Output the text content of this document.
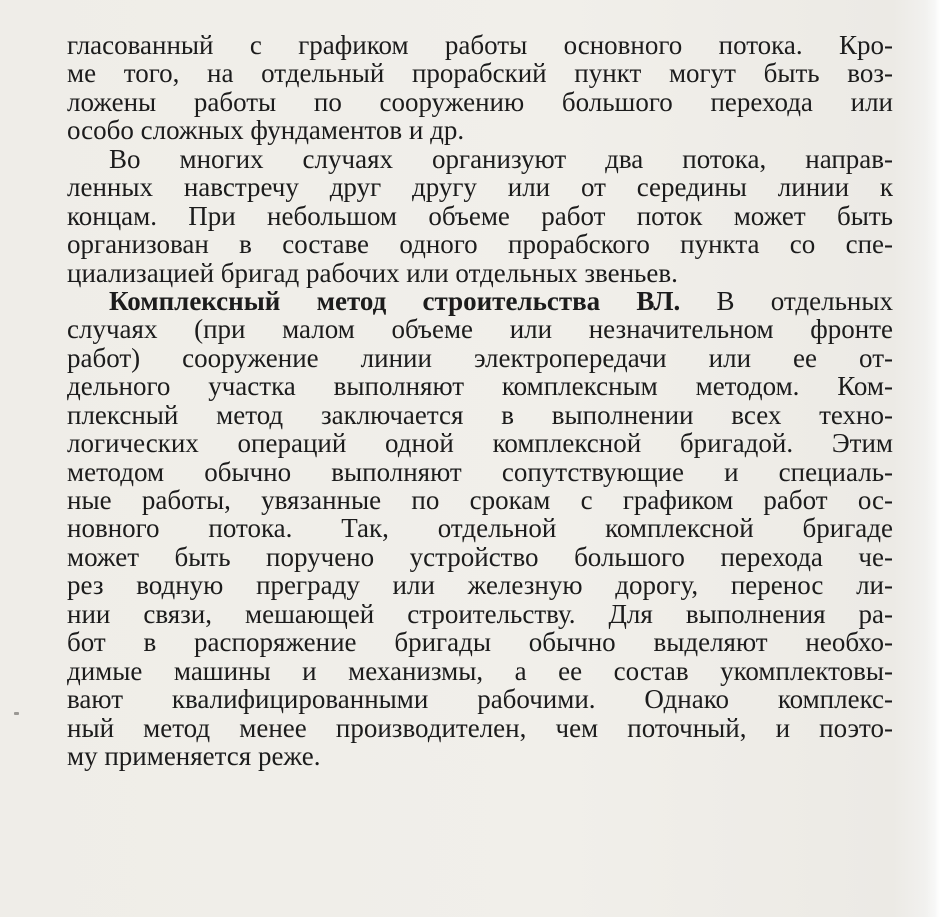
гласованный с графиком работы основного потока. Кро-
ме того, на отдельный прорабский пункт могут быть воз-
ложены работы по сооружению большого перехода или
особо сложных фундаментов и др.
Во многих случаях организуют два потока, направ-
ленных навстречу друг другу или от середины линии к
концам. При небольшом объеме работ поток может быть
организован в составе одного прорабского пункта со спе-
циализацией бригад рабочих или отдельных звеньев.
Комплексный метод строительства ВЛ. В отдельных
случаях (при малом объеме или незначительном фронте
работ) сооружение линии электропередачи или ее от-
дельного участка выполняют комплексным методом. Ком-
плексный метод заключается в выполнении всех техно-
логических операций одной комплексной бригадой. Этим
методом обычно выполняют сопутствующие и специаль-
ные работы, увязанные по срокам с графиком работ ос-
новного потока. Так, отдельной комплексной бригаде
может быть поручено устройство большого перехода че-
рез водную преграду или железную дорогу, перенос ли-
нии связи, мешающей строительству. Для выполнения ра-
бот в распоряжение бригады обычно выделяют необхо-
димые машины и механизмы, а ее состав укомплектовы-
вают квалифицированными рабочими. Однако комплекс-
ный метод менее производителен, чем поточный, и поэто-
му применяется реже.
